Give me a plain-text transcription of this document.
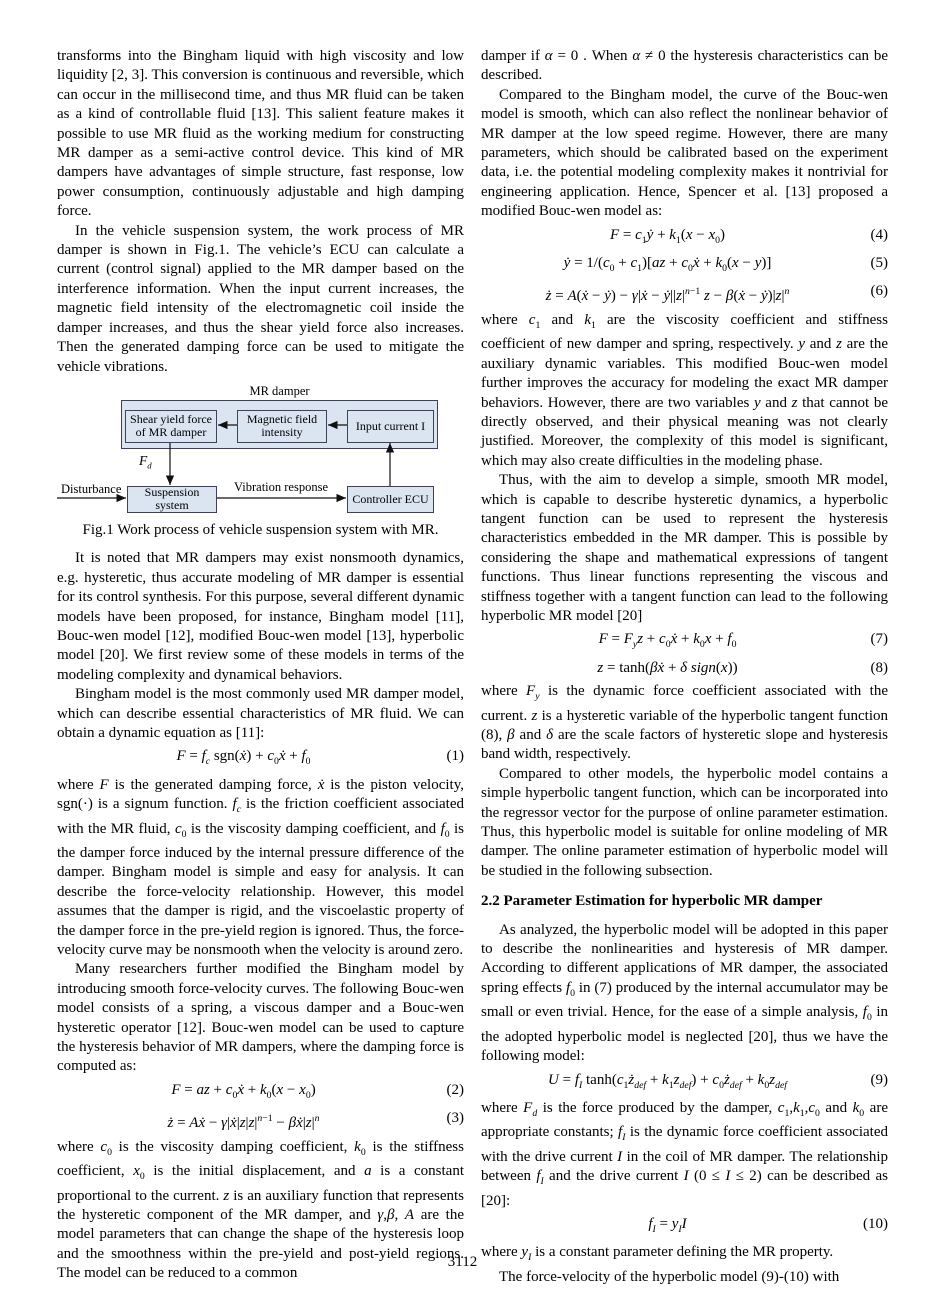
transforms into the Bingham liquid with high viscosity and low liquidity [2, 3]. This conversion is continuous and reversible, which can occur in the millisecond time, and thus MR fluid can be taken as a kind of controllable fluid [13]. This salient feature makes it possible to use MR fluid as the working medium for constructing MR damper as a semi-active control device. This kind of MR dampers have advantages of simple structure, fast response, low power consumption, continuously adjustable and high damping force.

In the vehicle suspension system, the work process of MR damper is shown in Fig.1. The vehicle’s ECU can calculate a current (control signal) applied to the MR damper based on the interference information. When the input current increases, the magnetic field intensity of the electromagnetic coil inside the damper increases, and thus the shear yield force also increases. Then the generated damping force can be used to mitigate the vehicle vibrations.

MR damper
Shear yield force of MR damper
Magnetic field intensity	Input current I
Suspension system	Controller ECU
$F_d$
Disturbance	Vibration response
Fig.1 Work process of vehicle suspension system with MR.

It is noted that MR dampers may exist nonsmooth dynamics, e.g. hysteretic, thus accurate modeling of MR damper is essential for its control synthesis. For this purpose, several different dynamic models have been proposed, for instance, Bingham model [11], Bouc-wen model [12], modified Bouc-wen model [13], hyperbolic model [20]. We first review some of these models in terms of the modeling complexity and dynamical behaviors.

Bingham model is the most commonly used MR damper model, which can describe essential characteristics of MR fluid. We can obtain a dynamic equation as [11]:

$F = f_c$ sgn(ẋ) + $c_0ẋ + f_0$	(1)

where F is the generated damping force, ẋ is the piston velocity, sgn(·) is a signum function. $f_c$ is the friction coefficient associated with the MR fluid, $c_0$ is the viscosity damping coefficient, and $f_0$ is the damper force induced by the internal pressure difference of the damper. Bingham model is simple and easy for analysis. It can describe the force-velocity relationship. However, this model assumes that the damper is rigid, and the viscoelastic property of the damper force in the pre-yield region is ignored. Thus, the force-velocity curve may be nonsmooth when the velocity is around zero.

Many researchers further modified the Bingham model by introducing smooth force-velocity curves. The following Bouc-wen model consists of a spring, a viscous damper and a Bouc-wen hysteretic operator [12]. Bouc-wen model can be used to capture the hysteresis behavior of MR dampers, where the damping force is computed as:

F = az + $c_0ẋ + k_0(x - x_0)$	(2)
ż = Aẋ − $\gamma|ẋ|z|z|^{n-1}$ − $\beta ẋ|z|^n$	(3)

where $c_0$ is the viscosity damping coefficient, $k_0$ is the stiffness coefficient, $x_0$ is the initial displacement, and a is a constant proportional to the current. z is an auxiliary function that represents the hysteretic component of the MR damper, and γ,β, A are the model parameters that can change the shape of the hysteresis loop and the smoothness within the pre-yield and post-yield regions. The model can be reduced to a common

damper if α = 0 . When α ≠ 0 the hysteresis characteristics can be described.

Compared to the Bingham model, the curve of the Bouc-wen model is smooth, which can also reflect the nonlinear behavior of MR damper at the low speed regime. However, there are many parameters, which should be calibrated based on the experiment data, i.e. the potential modeling complexity makes it nontrivial for engineering application. Hence, Spencer et al. [13] proposed a modified Bouc-wen model as:

$F = c_1ẏ + k_1(x - x_0)$	(4)
ẏ = $1/(c_0 + c_1)[az$ + $c_0ẋ + k_0(x - y)$]	(5)
ż = A(ẋ − ẏ) − γ|ẋ − $ẏ||z|^{n-1}$ z − β(ẋ − $ẏ)|z|^n$	(6)

where $c_1$ and $k_1$ are the viscosity coefficient and stiffness coefficient of new damper and spring, respectively. y and z are the auxiliary dynamic variables. This modified Bouc-wen model further improves the accuracy for modeling the exact MR damper behaviors. However, there are two variables y and z that cannot be directly observed, and their physical meaning was not clearly justified. Moreover, the complexity of this model is significant, which may also create difficulties in the modeling phase.

Thus, with the aim to develop a simple, smooth MR model, which is capable to describe hysteretic dynamics, a hyperbolic tangent function can be used to represent the hysteresis characteristics embedded in the MR damper. This is possible by considering the shape and mathematical expressions of tangent functions. Thus linear functions representing the viscous and stiffness together with a tangent function can lead to the following hyperbolic MR model [20]

$F = F_yz$ + $c_0ẋ + k_0x + f_0$	(7)
z = tanh(βẋ + δ sign(x))	(8)

where $F_y$ is the dynamic force coefficient associated with the current. z is a hysteretic variable of the hyperbolic tangent function (8), β and δ are the scale factors of hysteretic slope and hysteresis band width, respectively.

Compared to other models, the hyperbolic model contains a simple hyperbolic tangent function, which can be incorporated into the regressor vector for the purpose of online parameter estimation. Thus, this hyperbolic model is suitable for online modeling of MR damper. The online parameter estimation of hyperbolic model will be studied in the following subsection.

2.2 Parameter Estimation for hyperbolic MR damper

As analyzed, the hyperbolic model will be adopted in this paper to describe the nonlinearities and hysteresis of MR damper. According to different applications of MR damper, the associated spring effects $f_0$ in (7) produced by the internal accumulator may be small or even trivial. Hence, for the ease of a simple analysis, $f_0$ in the adopted hyperbolic model is neglected [20], thus we have the following model:

$U = f_I$ $\tanh(c_1ż_{def} + k_1z_{def})$ + $c_0ż_{def} + k_0z_{def}$	(9)

where $F_d$ is the force produced by the damper, $c_1,k_1,c_0$ and $k_0$ are appropriate constants; $f_I$ is the dynamic force coefficient associated with the drive current I in the coil of MR damper. The relationship between $f_I$ and the drive current I (0 ≤ I ≤ 2) can be described as [20]:

$f_I = y_II$	(10)

where $y_I$ is a constant parameter defining the MR property.

The force-velocity of the hyperbolic model (9)-(10) with

3112
